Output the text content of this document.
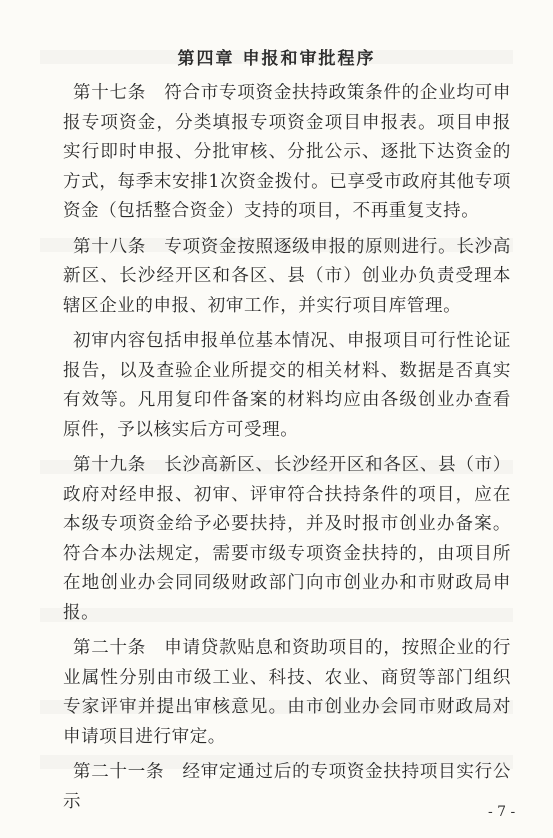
第四章 申报和审批程序

第十七条　符合市专项资金扶持政策条件的企业均可申报专项资金，分类填报专项资金项目申报表。项目申报实行即时申报、分批审核、分批公示、逐批下达资金的方式，每季末安排1次资金拨付。已享受市政府其他专项资金（包括整合资金）支持的项目，不再重复支持。

第十八条　专项资金按照逐级申报的原则进行。长沙高新区、长沙经开区和各区、县（市）创业办负责受理本辖区企业的申报、初审工作，并实行项目库管理。

初审内容包括申报单位基本情况、申报项目可行性论证报告，以及查验企业所提交的相关材料、数据是否真实有效等。凡用复印件备案的材料均应由各级创业办查看原件，予以核实后方可受理。

第十九条　长沙高新区、长沙经开区和各区、县（市）政府对经申报、初审、评审符合扶持条件的项目，应在本级专项资金给予必要扶持，并及时报市创业办备案。符合本办法规定，需要市级专项资金扶持的，由项目所在地创业办会同同级财政部门向市创业办和市财政局申报。

第二十条　申请贷款贴息和资助项目的，按照企业的行业属性分别由市级工业、科技、农业、商贸等部门组织专家评审并提出审核意见。由市创业办会同市财政局对申请项目进行审定。

第二十一条　经审定通过后的专项资金扶持项目实行公示

- 7 -
